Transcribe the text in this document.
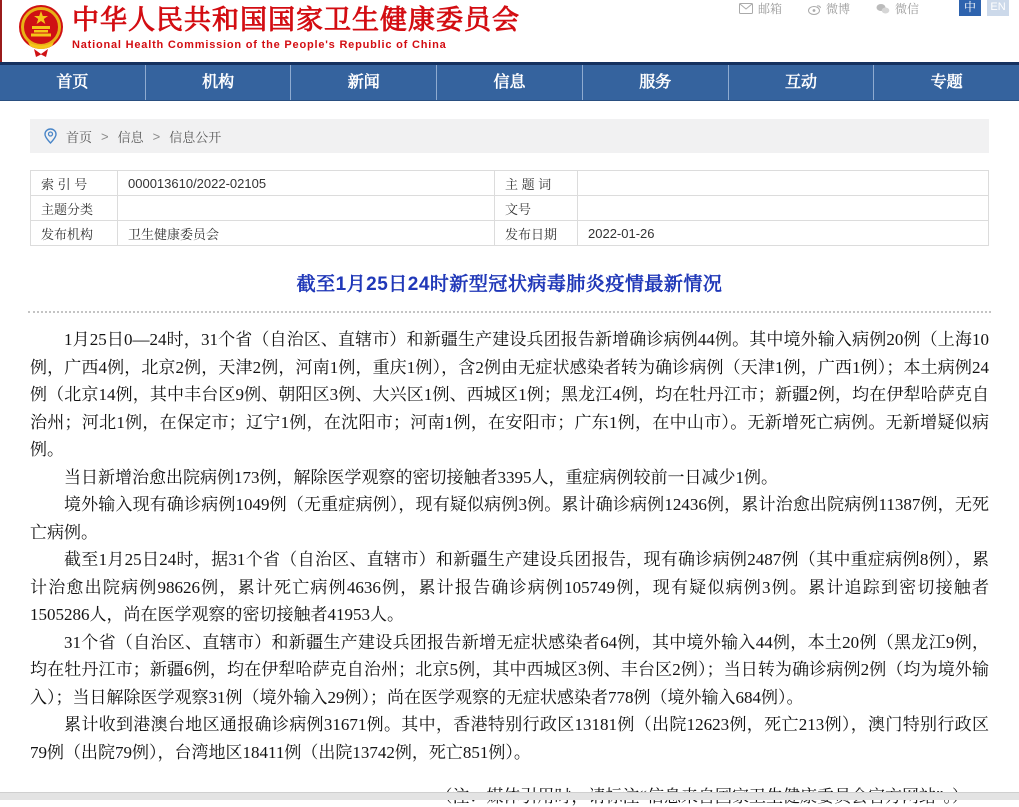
中华人民共和国国家卫生健康委员会
National Health Commission of the People's Republic of China
邮箱	微博	微信	中	EN
首页	机构	新闻	信息	服务	互动	专题
首页 > 信息 > 信息公开
索 引 号	000013610/2022-02105	主 题 词	
主题分类		文号	
发布机构	卫生健康委员会	发布日期	2022-01-26
截至1月25日24时新型冠状病毒肺炎疫情最新情况

1月25日0—24时，31个省（自治区、直辖市）和新疆生产建设兵团报告新增确诊病例44例。其中境外输入病例20例（上海10例，广西4例，北京2例，天津2例，河南1例，重庆1例），含2例由无症状感染者转为确诊病例（天津1例，广西1例）；本土病例24例（北京14例，其中丰台区9例、朝阳区3例、大兴区1例、西城区1例；黑龙江4例，均在牡丹江市；新疆2例，均在伊犁哈萨克自治州；河北1例，在保定市；辽宁1例，在沈阳市；河南1例，在安阳市；广东1例，在中山市）。无新增死亡病例。无新增疑似病例。

当日新增治愈出院病例173例，解除医学观察的密切接触者3395人，重症病例较前一日减少1例。

境外输入现有确诊病例1049例（无重症病例），现有疑似病例3例。累计确诊病例12436例，累计治愈出院病例11387例，无死亡病例。

截至1月25日24时，据31个省（自治区、直辖市）和新疆生产建设兵团报告，现有确诊病例2487例（其中重症病例8例），累计治愈出院病例98626例，累计死亡病例4636例，累计报告确诊病例105749例，现有疑似病例3例。累计追踪到密切接触者1505286人，尚在医学观察的密切接触者41953人。

31个省（自治区、直辖市）和新疆生产建设兵团报告新增无症状感染者64例，其中境外输入44例，本土20例（黑龙江9例，均在牡丹江市；新疆6例，均在伊犁哈萨克自治州；北京5例，其中西城区3例、丰台区2例）；当日转为确诊病例2例（均为境外输入）；当日解除医学观察31例（境外输入29例）；尚在医学观察的无症状感染者778例（境外输入684例）。

累计收到港澳台地区通报确诊病例31671例。其中，香港特别行政区13181例（出院12623例，死亡213例），澳门特别行政区79例（出院79例），台湾地区18411例（出院13742例，死亡851例）。
